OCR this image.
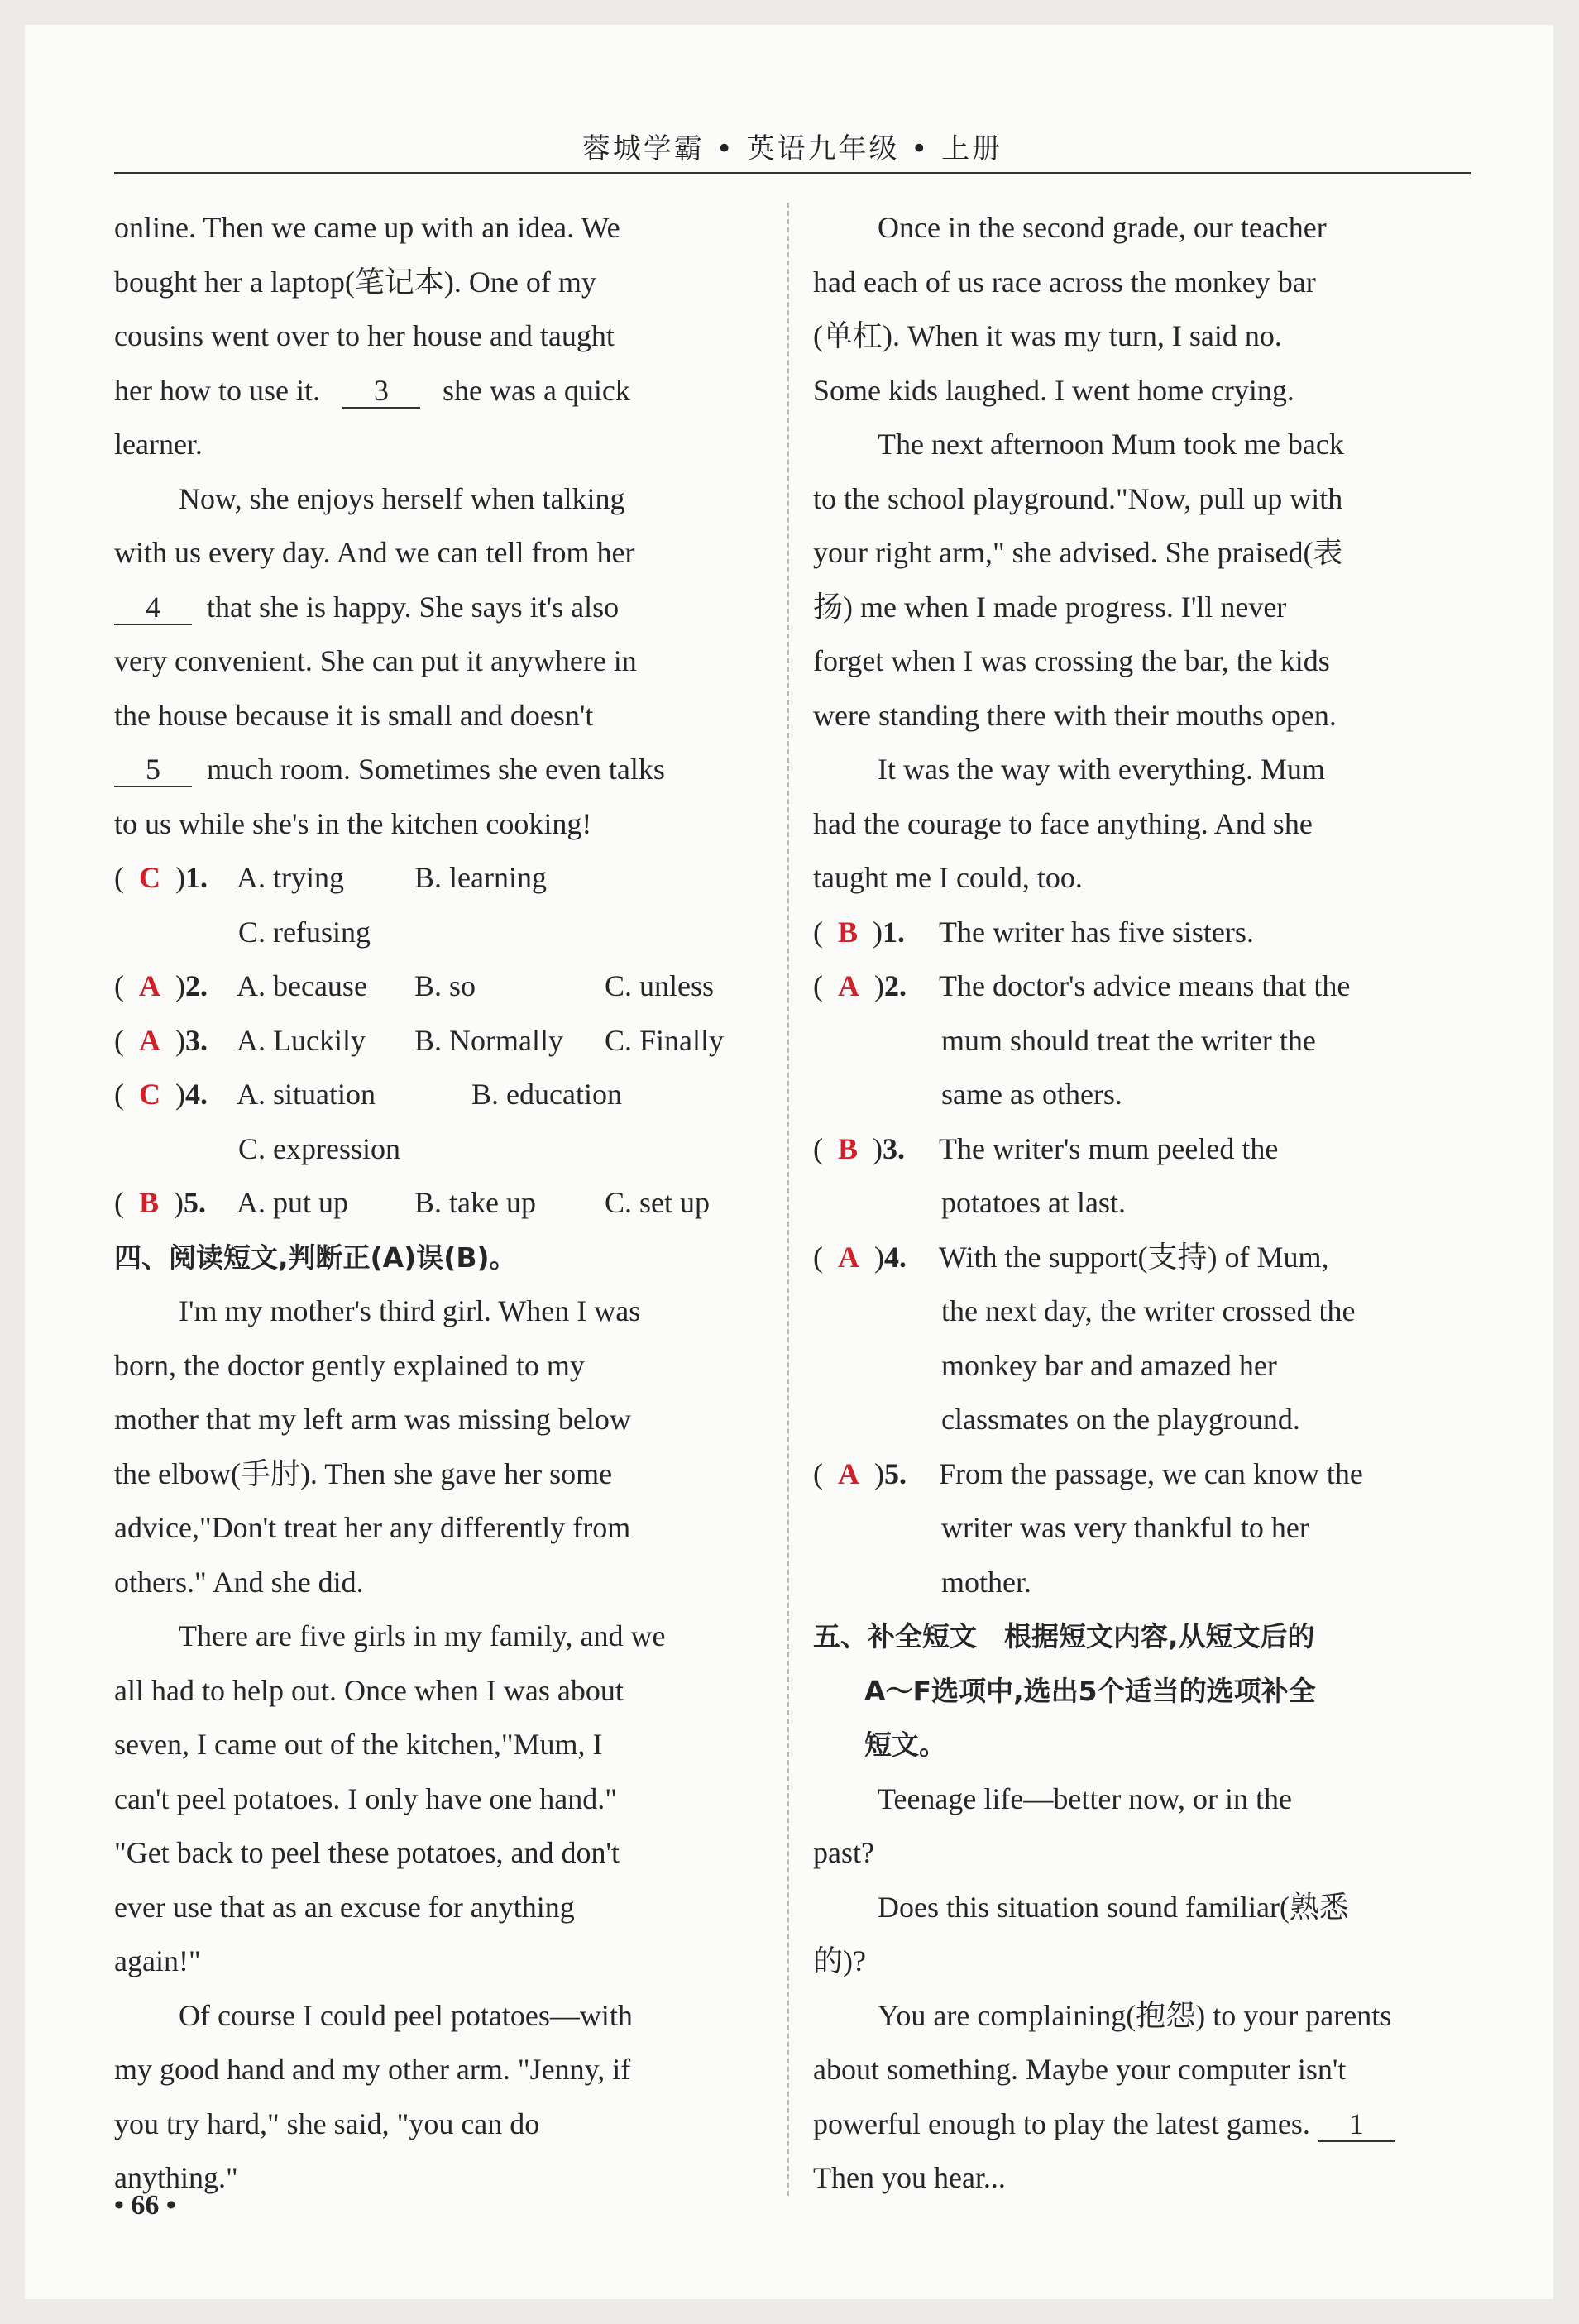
蓉城学霸 • 英语九年级 • 上册

online. Then we came up with an idea. We

bought her a laptop(笔记本). One of my

cousins went over to her house and taught

her how to use it. 3 she was a quick

learner.

Now, she enjoys herself when talking

with us every day. And we can tell from her

4 that she is happy. She says it's also

very convenient. She can put it anywhere in

the house because it is small and doesn't

5 much room. Sometimes she even talks

to us while she's in the kitchen cooking!

(  C  )1. A. trying	B. learning

C. refusing

(  A  )2. A. because	B. so	C. unless
(  A  )3. A. Luckily	B. Normally	C. Finally
(  C  )4. A. situation	B. education

C. expression

(  B  )5.	A. put up	B. take up	C. set up

四、阅读短文,判断正(A)误(B)。

I'm my mother's third girl. When I was

born, the doctor gently explained to my

mother that my left arm was missing below

the elbow(手肘). Then she gave her some

advice,"Don't treat her any differently from

others." And she did.

There are five girls in my family, and we

all had to help out. Once when I was about

seven, I came out of the kitchen,"Mum, I

can't peel potatoes. I only have one hand."

"Get back to peel these potatoes, and don't

ever use that as an excuse for anything

again!"

Of course I could peel potatoes—with

my good hand and my other arm. "Jenny, if

you try hard," she said, "you can do

anything."

Once in the second grade, our teacher

had each of us race across the monkey bar

(单杠). When it was my turn, I said no.

Some kids laughed. I went home crying.

The next afternoon Mum took me back

to the school playground."Now, pull up with

your right arm," she advised. She praised(表

扬) me when I made progress. I'll never

forget when I was crossing the bar, the kids

were standing there with their mouths open.

It was the way with everything. Mum

had the courage to face anything. And she

taught me I could, too.

(  B  )1. The writer has five sisters.

(  A  )2. The doctor's advice means that the

mum should treat the writer the

same as others.

(  B  )3. The writer's mum peeled the

potatoes at last.

(  A  )4. With the support(支持) of Mum,

the next day, the writer crossed the

monkey bar and amazed her

classmates on the playground.

(  A  )5. From the passage, we can know the

writer was very thankful to her

mother.

五、补全短文　根据短文内容,从短文后的

A～F选项中,选出5个适当的选项补全

短文。

Teenage life—better now, or in the

past?

Does this situation sound familiar(熟悉

的)?

You are complaining(抱怨) to your parents

about something. Maybe your computer isn't

powerful enough to play the latest games. 1

Then you hear...

• 66 •
